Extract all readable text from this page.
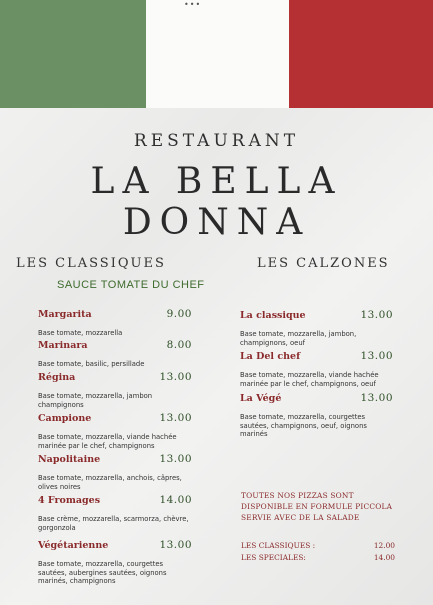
•••
RESTAURANT
LA BELLA
DONNA
LES CLASSIQUES	LES CALZONES
SAUCE TOMATE DU CHEF
Margarita	9.00
Base tomate, mozzarella
Marinara	8.00
Base tomate, basilic, persillade
Régina	13.00
Base tomate, mozzarella, jambon champignons
Campione	13.00
Base tomate, mozzarella, viande hachée marinée par le chef, champignons
Napolitaine	13.00
Base tomate, mozzarella, anchois, câpres, olives noires
4 Fromages	14.00
Base crème, mozzarella, scarmorza, chèvre, gorgonzola
Végétarienne	13.00
Base tomate, mozzarella, courgettes sautées, aubergines sautées, oignons marinés, champignons
La classique	13.00
Base tomate, mozzarella, jambon, champignons, oeuf
La Del chef	13.00
Base tomate, mozzarella, viande hachée marinée par le chef, champignons, oeuf
La Végé	13.00
Base tomate, mozzarella, courgettes sautées, champignons, oeuf, oignons marinés
TOUTES NOS PIZZAS SONT
DISPONIBLE EN FORMULE PICCOLA
SERVIE AVEC DE LA SALADE
LES CLASSIQUES :	12.00
LES SPECIALES:	14.00
